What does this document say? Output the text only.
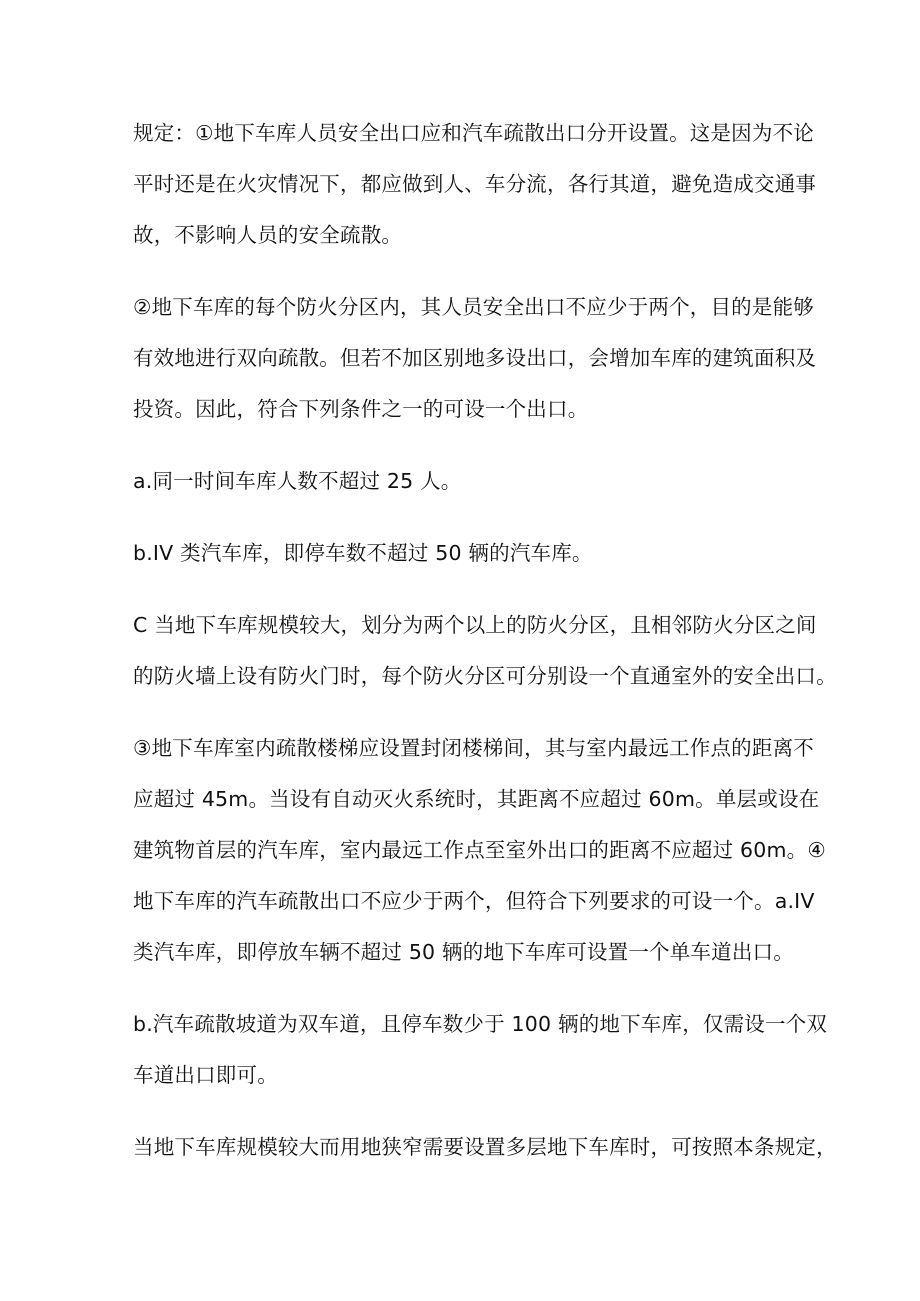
规定：①地下车库人员安全出口应和汽车疏散出口分开设置。这是因为不论
平时还是在火灾情况下，都应做到人、车分流，各行其道，避免造成交通事
故，不影响人员的安全疏散。

②地下车库的每个防火分区内，其人员安全出口不应少于两个，目的是能够
有效地进行双向疏散。但若不加区别地多设出口，会增加车库的建筑面积及
投资。因此，符合下列条件之一的可设一个出口。

a.同一时间车库人数不超过 25 人。

b.IV 类汽车库，即停车数不超过 50 辆的汽车库。

C 当地下车库规模较大，划分为两个以上的防火分区，且相邻防火分区之间
的防火墙上设有防火门时，每个防火分区可分别设一个直通室外的安全出口。

③地下车库室内疏散楼梯应设置封闭楼梯间，其与室内最远工作点的距离不
应超过 45m。当设有自动灭火系统时，其距离不应超过 60m。单层或设在
建筑物首层的汽车库，室内最远工作点至室外出口的距离不应超过 60m。④
地下车库的汽车疏散出口不应少于两个，但符合下列要求的可设一个。a.IV
类汽车库，即停放车辆不超过 50 辆的地下车库可设置一个单车道出口。

b.汽车疏散坡道为双车道，且停车数少于 100 辆的地下车库，仅需设一个双
车道出口即可。

当地下车库规模较大而用地狭窄需要设置多层地下车库时，可按照本条规定，
